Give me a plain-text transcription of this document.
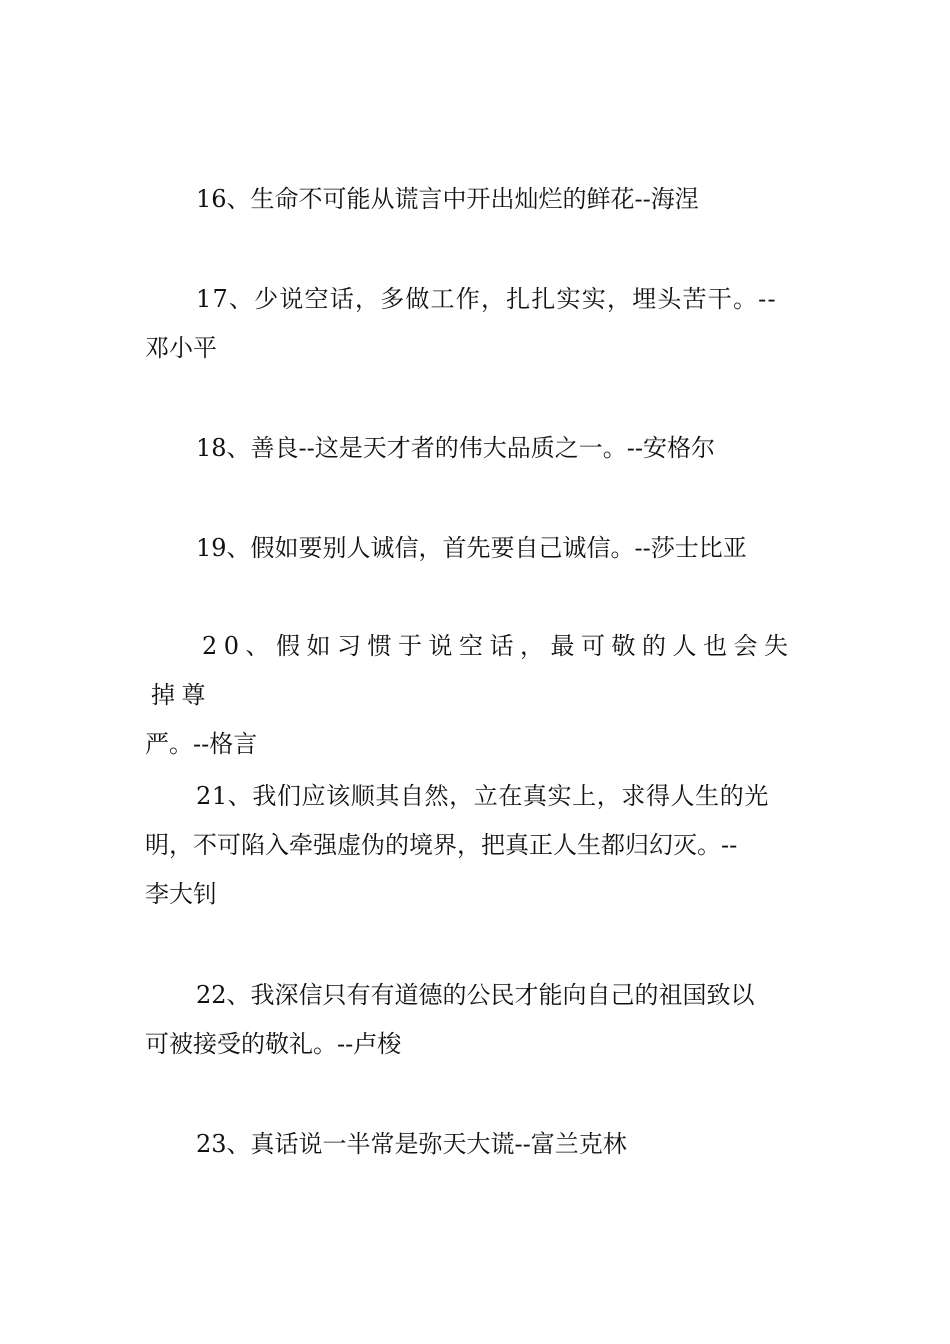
16、生命不可能从谎言中开出灿烂的鲜花--海涅

17、少说空话，多做工作，扎扎实实，埋头苦干。--
邓小平

18、善良--这是天才者的伟大品质之一。--安格尔

19、假如要别人诚信，首先要自己诚信。--莎士比亚

20、假如习惯于说空话，最可敬的人也会失掉尊
严。--格言

21、我们应该顺其自然，立在真实上，求得人生的光
明，不可陷入牵强虚伪的境界，把真正人生都归幻灭。--
李大钊

22、我深信只有有道德的公民才能向自己的祖国致以
可被接受的敬礼。--卢梭

23、真话说一半常是弥天大谎--富兰克林
